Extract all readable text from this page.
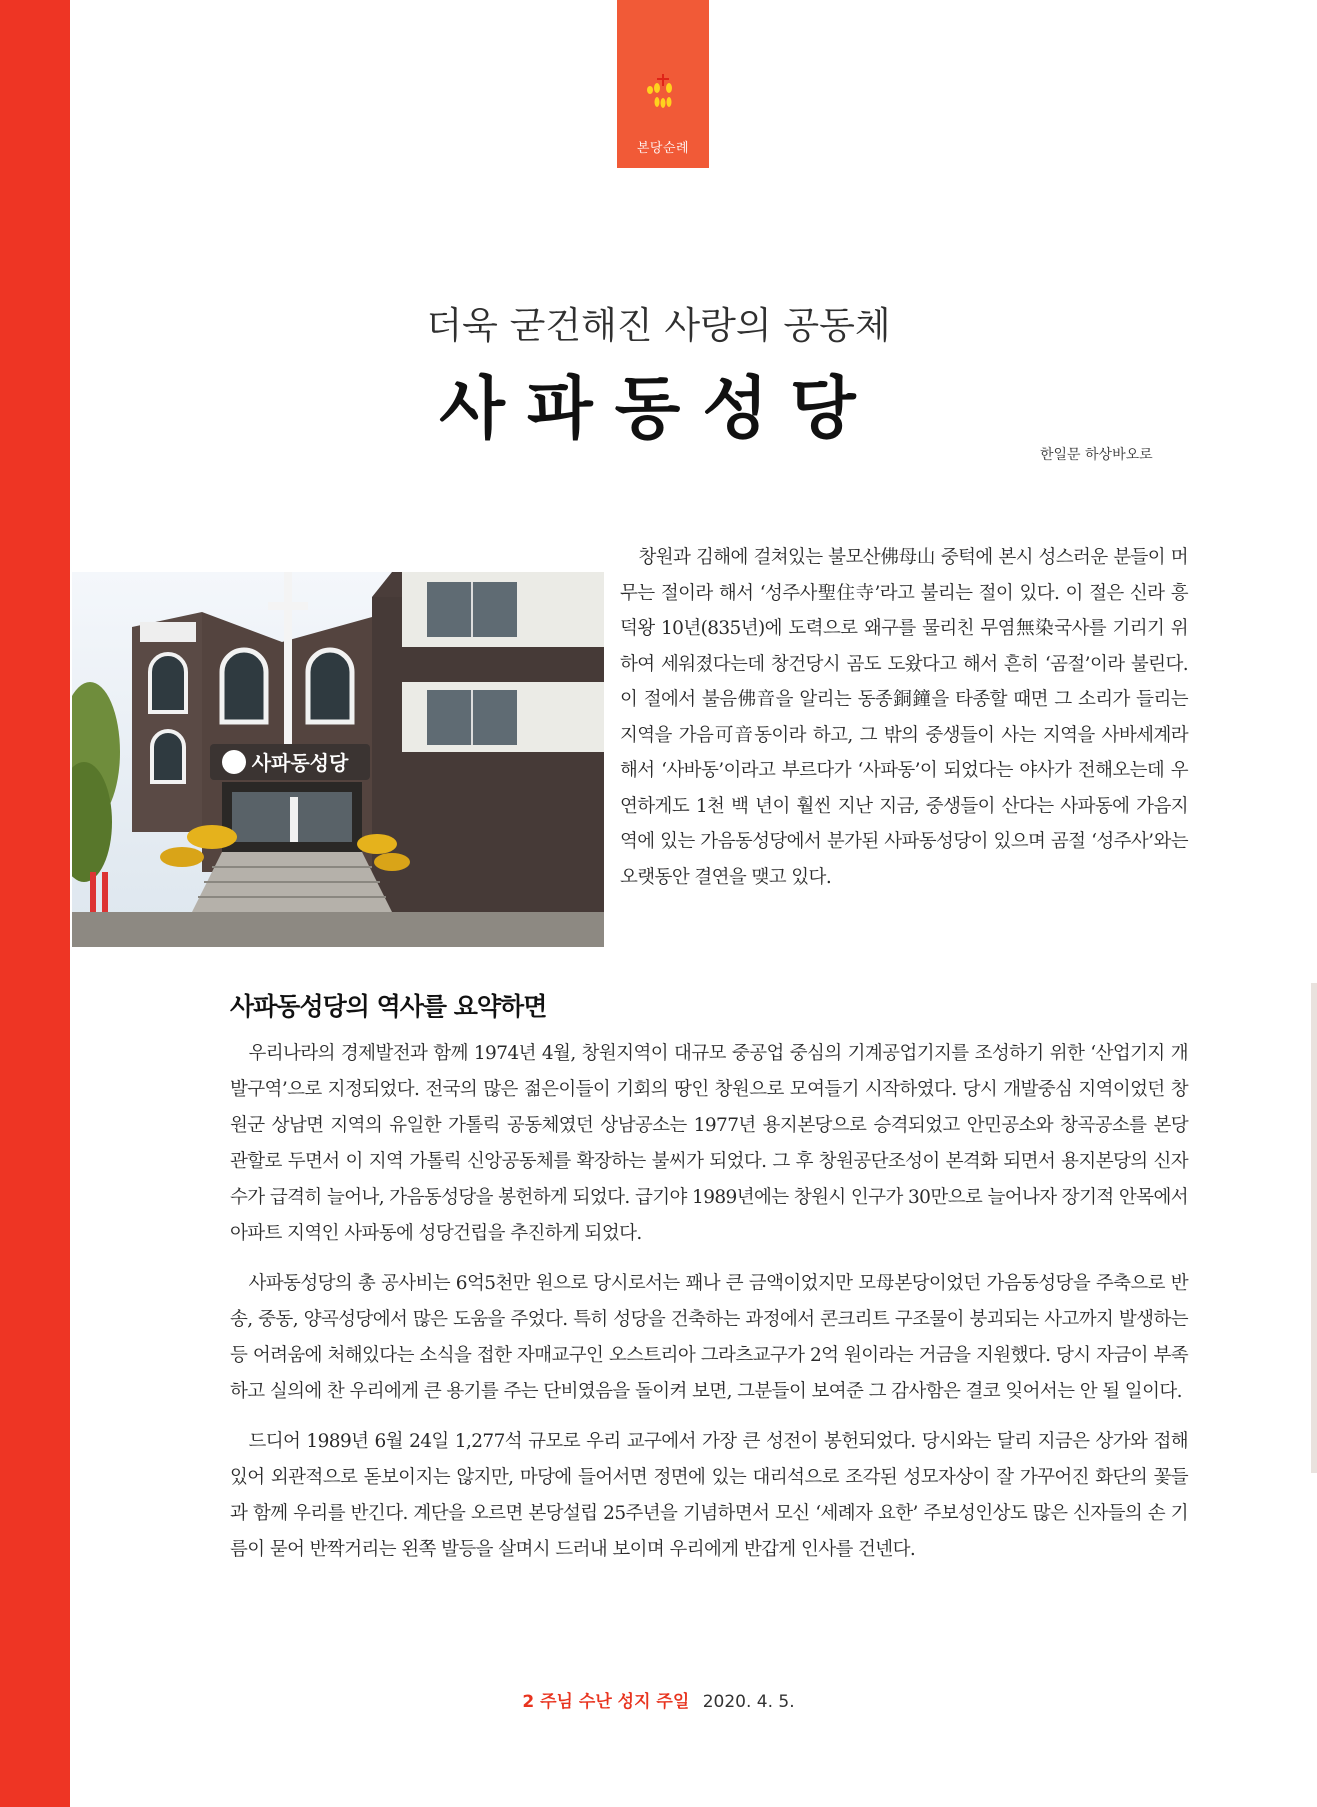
본당순례
더욱 굳건해진 사랑의 공동체
사파동성당
한일문 하상바오로
사파동성당

창원과 김해에 걸쳐있는 불모산佛母山 중턱에 본시 성스러운 분들이 머무는 절이라 해서 ‘성주사聖住寺’라고 불리는 절이 있다. 이 절은 신라 흥덕왕 10년(835년)에 도력으로 왜구를 물리친 무염無染국사를 기리기 위하여 세워졌다는데 창건당시 곰도 도왔다고 해서 흔히 ‘곰절’이라 불린다. 이 절에서 불음佛音을 알리는 동종銅鐘을 타종할 때면 그 소리가 들리는 지역을 가음可音동이라 하고, 그 밖의 중생들이 사는 지역을 사바세계라 해서 ‘사바동’이라고 부르다가 ‘사파동’이 되었다는 야사가 전해오는데 우연하게도 1천 백 년이 훨씬 지난 지금, 중생들이 산다는 사파동에 가음지역에 있는 가음동성당에서 분가된 사파동성당이 있으며 곰절 ‘성주사’와는 오랫동안 결연을 맺고 있다.

사파동성당의 역사를 요약하면

우리나라의 경제발전과 함께 1974년 4월, 창원지역이 대규모 중공업 중심의 기계공업기지를 조성하기 위한 ‘산업기지 개발구역’으로 지정되었다. 전국의 많은 젊은이들이 기회의 땅인 창원으로 모여들기 시작하였다. 당시 개발중심 지역이었던 창원군 상남면 지역의 유일한 가톨릭 공동체였던 상남공소는 1977년 용지본당으로 승격되었고 안민공소와 창곡공소를 본당 관할로 두면서 이 지역 가톨릭 신앙공동체를 확장하는 불씨가 되었다. 그 후 창원공단조성이 본격화 되면서 용지본당의 신자수가 급격히 늘어나, 가음동성당을 봉헌하게 되었다. 급기야 1989년에는 창원시 인구가 30만으로 늘어나자 장기적 안목에서 아파트 지역인 사파동에 성당건립을 추진하게 되었다.

사파동성당의 총 공사비는 6억5천만 원으로 당시로서는 꽤나 큰 금액이었지만 모母본당이었던 가음동성당을 주축으로 반송, 중동, 양곡성당에서 많은 도움을 주었다. 특히 성당을 건축하는 과정에서 콘크리트 구조물이 붕괴되는 사고까지 발생하는 등 어려움에 처해있다는 소식을 접한 자매교구인 오스트리아 그라츠교구가 2억 원이라는 거금을 지원했다. 당시 자금이 부족하고 실의에 찬 우리에게 큰 용기를 주는 단비였음을 돌이켜 보면, 그분들이 보여준 그 감사함은 결코 잊어서는 안 될 일이다.

드디어 1989년 6월 24일 1,277석 규모로 우리 교구에서 가장 큰 성전이 봉헌되었다. 당시와는 달리 지금은 상가와 접해 있어 외관적으로 돋보이지는 않지만, 마당에 들어서면 정면에 있는 대리석으로 조각된 성모자상이 잘 가꾸어진 화단의 꽃들과 함께 우리를 반긴다. 계단을 오르면 본당설립 25주년을 기념하면서 모신 ‘세례자 요한’ 주보성인상도 많은 신자들의 손 기름이 묻어 반짝거리는 왼쪽 발등을 살며시 드러내 보이며 우리에게 반갑게 인사를 건넨다.

2 주님 수난 성지 주일 2020. 4. 5.
